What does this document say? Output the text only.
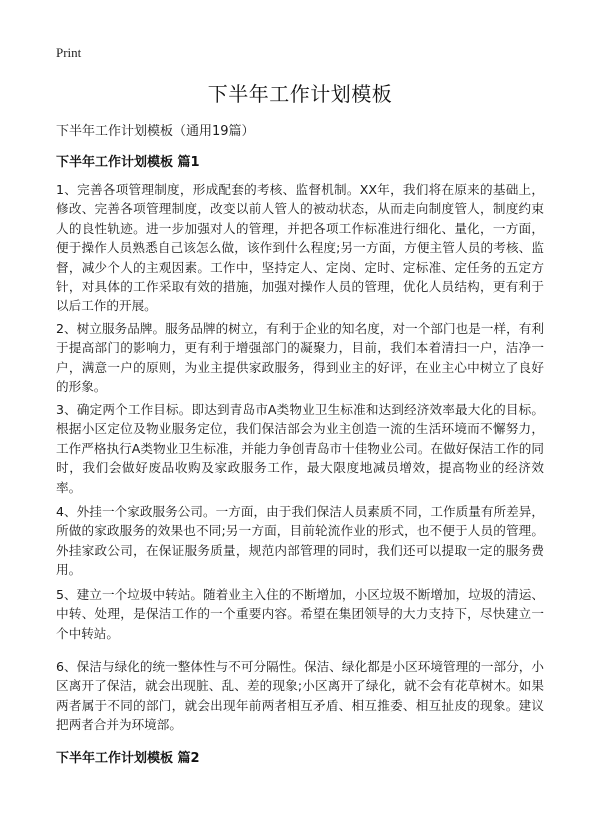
Print
下半年工作计划模板
下半年工作计划模板（通用19篇）
下半年工作计划模板 篇1

1、完善各项管理制度，形成配套的考核、监督机制。XX年，我们将在原来的基础上，修改、完善各项管理制度，改变以前人管人的被动状态，从而走向制度管人，制度约束人的良性轨迹。进一步加强对人的管理，并把各项工作标准进行细化、量化，一方面，便于操作人员熟悉自己该怎么做，该作到什么程度;另一方面，方便主管人员的考核、监督，减少个人的主观因素。工作中，坚持定人、定岗、定时、定标准、定任务的五定方针，对具体的工作采取有效的措施，加强对操作人员的管理，优化人员结构，更有利于以后工作的开展。

2、树立服务品牌。服务品牌的树立，有利于企业的知名度，对一个部门也是一样，有利于提高部门的影响力，更有利于增强部门的凝聚力，目前，我们本着清扫一户，洁净一户，满意一户的原则，为业主提供家政服务，得到业主的好评，在业主心中树立了良好的形象。

3、确定两个工作目标。即达到青岛市A类物业卫生标准和达到经济效率最大化的目标。根据小区定位及物业服务定位，我们保洁部会为业主创造一流的生活环境而不懈努力，工作严格执行A类物业卫生标准，并能力争创青岛市十佳物业公司。在做好保洁工作的同时，我们会做好废品收购及家政服务工作，最大限度地减员增效，提高物业的经济效率。

4、外挂一个家政服务公司。一方面，由于我们保洁人员素质不同，工作质量有所差异，所做的家政服务的效果也不同;另一方面，目前轮流作业的形式，也不便于人员的管理。外挂家政公司，在保证服务质量，规范内部管理的同时，我们还可以提取一定的服务费用。

5、建立一个垃圾中转站。随着业主入住的不断增加，小区垃圾不断增加，垃圾的清运、中转、处理，是保洁工作的一个重要内容。希望在集团领导的大力支持下，尽快建立一个中转站。

6、保洁与绿化的统一整体性与不可分隔性。保洁、绿化都是小区环境管理的一部分，小区离开了保洁，就会出现脏、乱、差的现象;小区离开了绿化，就不会有花草树木。如果两者属于不同的部门，就会出现年前两者相互矛盾、相互推委、相互扯皮的现象。建议把两者合并为环境部。

下半年工作计划模板 篇2
